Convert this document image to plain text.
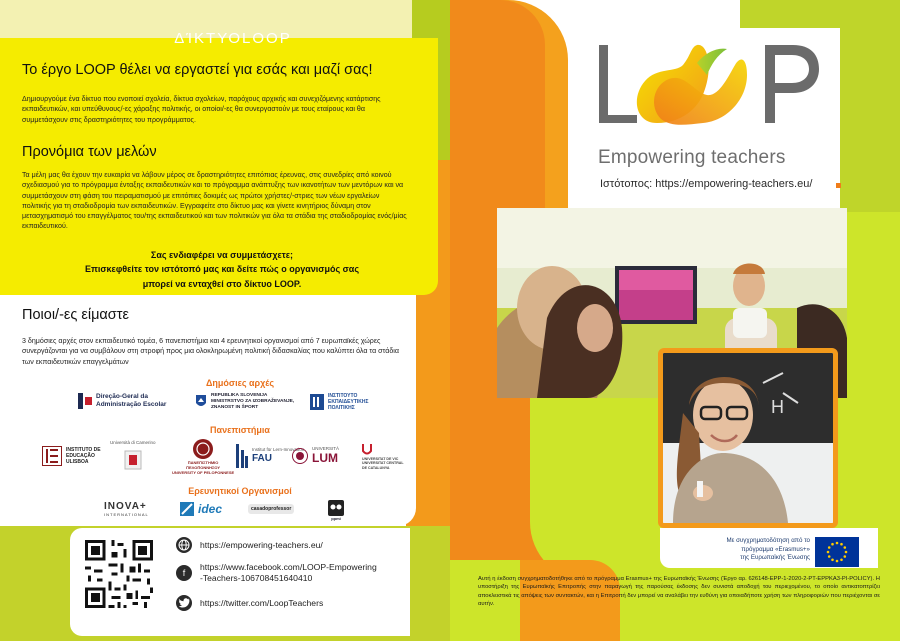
ΔΊΚΤΥΟLOOP
Το έργο LOOP θέλει να εργαστεί για εσάς και μαζί σας!
Δημιουργούμε ένα δίκτυο που ενοποιεί σχολεία, δίκτυα σχολείων, παρόχους αρχικής και συνεχιζόμενης κατάρτισης εκπαιδευτικών, και υπεύθυνους/-ες χάραξης πολιτικής, οι οποίοι/-ες θα συνεργαστούν με τους εταίρους και θα συμμετάσχουν στις δραστηριότητες του προγράμματος.
Προνόμια των μελών
Τα μέλη μας θα έχουν την ευκαιρία να λάβουν μέρος σε δραστηριότητες επιτόπιας έρευνας, στις συνεδρίες από κοινού σχεδιασμού για το πρόγραμμα ένταξης εκπαιδευτικών και το πρόγραμμα ανάπτυξης των ικανοτήτων των μεντόρων και να συμμετάσχουν στη φάση του πειραματισμού με επιτόπιες δοκιμές ως πρώτοι χρήστες/-στριες των νέων εργαλείων πολιτικής για τη σταδιοδρομία των εκπαιδευτικών. Εγγραφείτε στο δίκτυο μας και γίνετε κινητήριος δύναμη στον μετασχηματισμό του επαγγέλματος του/της εκπαιδευτικού και των πολιτικών για όλα τα στάδια της σταδιοδρομίας ενός/μίας εκπαιδευτικού.
Σας ενδιαφέρει να συμμετάσχετε;
Επισκεφθείτε τον ιστότοπό μας και δείτε πώς ο οργανισμός σας
μπορεί να ενταχθεί στο δίκτυο LOOP.
Ποιοι/-ες είμαστε
3 δημόσιες αρχές στον εκπαιδευτικό τομέα, 6 πανεπιστήμια και 4 ερευνητικοί οργανισμοί από 7 ευρωπαϊκές χώρες συνεργάζονται για να συμβάλουν στη στροφή προς μια ολοκληρωμένη πολιτική διδασκαλίας που καλύπτει όλα τα στάδια των εκπαιδευτικών επαγγελμάτων
Δημόσιες αρχές
Direção-Geral da
Administração Escolar
REPUBLIKA SLOVENIJA
MINISTRSTVO ZA IZOBRAŽEVANJE,
ZNANOST IN ŠPORT
ΙΝΣΤΙΤΟΥΤΟ
ΕΚΠΑΙΔΕΥΤΙΚΗΣ
ΠΟΛΙΤΙΚΗΣ
Πανεπιστήμια
INSTITUTO DE
EDUCAÇÃO
ULISBOA
Università di Camerino
ΠΑΝΕΠΙΣΤΗΜΙΟ
ΠΕΛΟΠΟΝΝΗΣΟΥ
UNIVERSITY OF PELOPONNESE
Institut für Lern-Innovation
FAU
UNIVERSITÀ
LUM	UNIVERSITAT DE VIC
UNIVERSITAT CENTRAL
DE CATALUNYA
Ερευνητικοί Οργανισμοί
INOVA+
INTERNATIONAL	idec	casadoprofessor
ppmi
https://empowering-teachers.eu/
f
https://www.facebook.com/LOOP-Empowering
-Teachers-106708451640410
https://twitter.com/LoopTeachers
Empowering teachers
Ιστότοπος: https://empowering-teachers.eu/
H
Με συγχρηματοδότηση από το
πρόγραμμα «Erasmus+»
της Ευρωπαϊκής Ένωσης
Αυτή η έκδοση συγχρηματοδοτήθηκε από το πρόγραμμα Erasmus+ της Ευρωπαϊκής Ένωσης (Έργο αρ. 626148-EPP-1-2020-2-PT-EPPKA3-PI-POLICY). Η υποστήριξη της Ευρωπαϊκής Επιτροπής στην παραγωγή της παρούσας έκδοσης δεν συνιστά αποδοχή του περιεχομένου, το οποίο αντικατοπτρίζει αποκλειστικά τις απόψεις των συντακτών, και η Επιτροπή δεν μπορεί να αναλάβει την ευθύνη για οποιαδήποτε χρήση των πληροφοριών που περιέχονται σε αυτήν.
